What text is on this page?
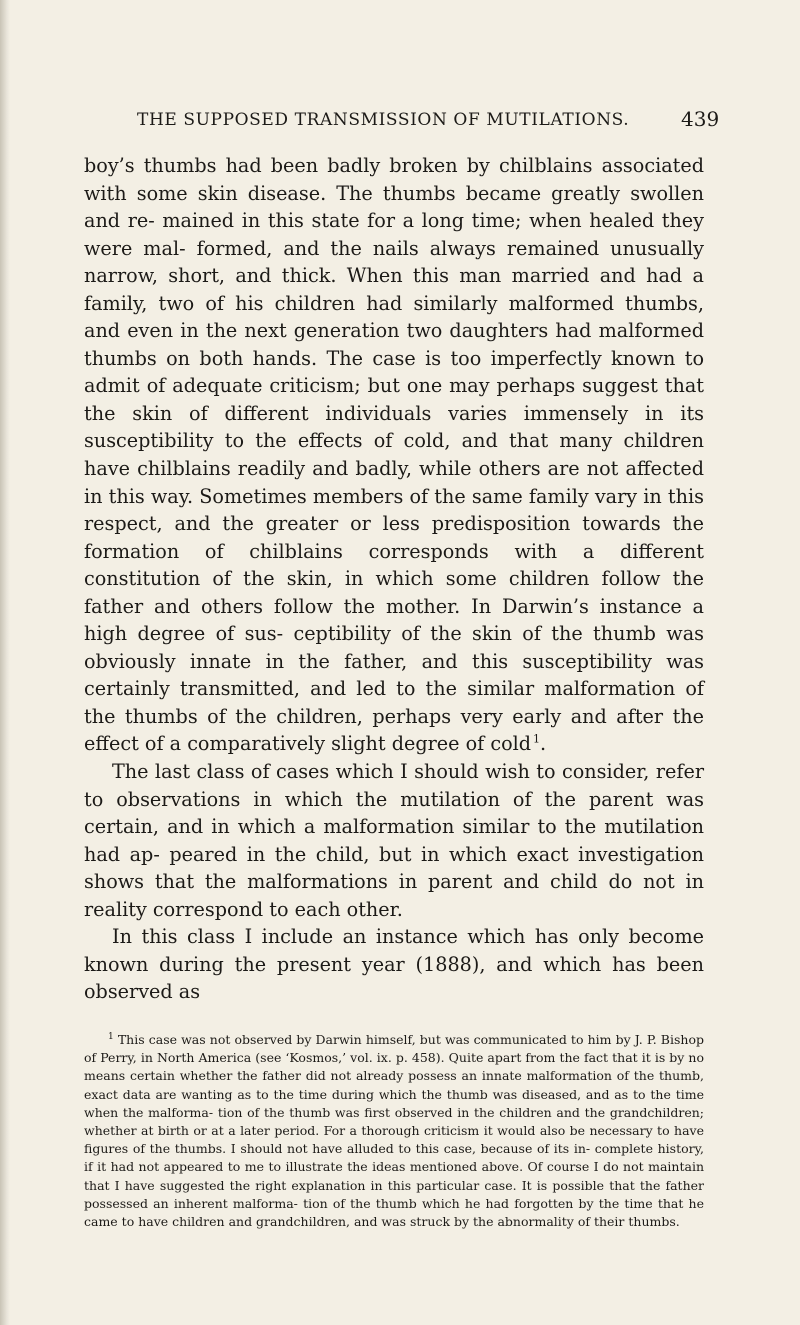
THE SUPPOSED TRANSMISSION OF MUTILATIONS.	439

boy’s thumbs had been badly broken by chilblains associated with some skin disease. The thumbs became greatly swollen and re- mained in this state for a long time; when healed they were mal- formed, and the nails always remained unusually narrow, short, and thick. When this man married and had a family, two of his children had similarly malformed thumbs, and even in the next generation two daughters had malformed thumbs on both hands. The case is too imperfectly known to admit of adequate criticism; but one may perhaps suggest that the skin of different individuals varies immensely in its susceptibility to the effects of cold, and that many children have chilblains readily and badly, while others are not affected in this way. Sometimes members of the same family vary in this respect, and the greater or less predisposition towards the formation of chilblains corresponds with a different constitution of the skin, in which some children follow the father and others follow the mother. In Darwin’s instance a high degree of sus- ceptibility of the skin of the thumb was obviously innate in the father, and this susceptibility was certainly transmitted, and led to the similar malformation of the thumbs of the children, perhaps very early and after the effect of a comparatively slight degree of cold  $^1$.

The last class of cases which I should wish to consider, refer to observations in which the mutilation of the parent was certain, and in which a malformation similar to the mutilation had ap- peared in the child, but in which exact investigation shows that the malformations in parent and child do not in reality correspond to each other.

In this class I include an instance which has only become known during the present year (1888), and which has been observed as

$^1$ This case was not observed by Darwin himself, but was communicated to him by J. P. Bishop of Perry, in North America (see ‘Kosmos,’ vol. ix. p. 458). Quite apart from the fact that it is by no means certain whether the father did not already possess an innate malformation of the thumb, exact data are wanting as to the time during which the thumb was diseased, and as to the time when the malforma- tion of the thumb was first observed in the children and the grandchildren; whether at birth or at a later period. For a thorough criticism it would also be necessary to have figures of the thumbs. I should not have alluded to this case, because of its in- complete history, if it had not appeared to me to illustrate the ideas mentioned above. Of course I do not maintain that I have suggested the right explanation in this particular case. It is possible that the father possessed an inherent malforma- tion of the thumb which he had forgotten by the time that he came to have children and grandchildren, and was struck by the abnormality of their thumbs.
